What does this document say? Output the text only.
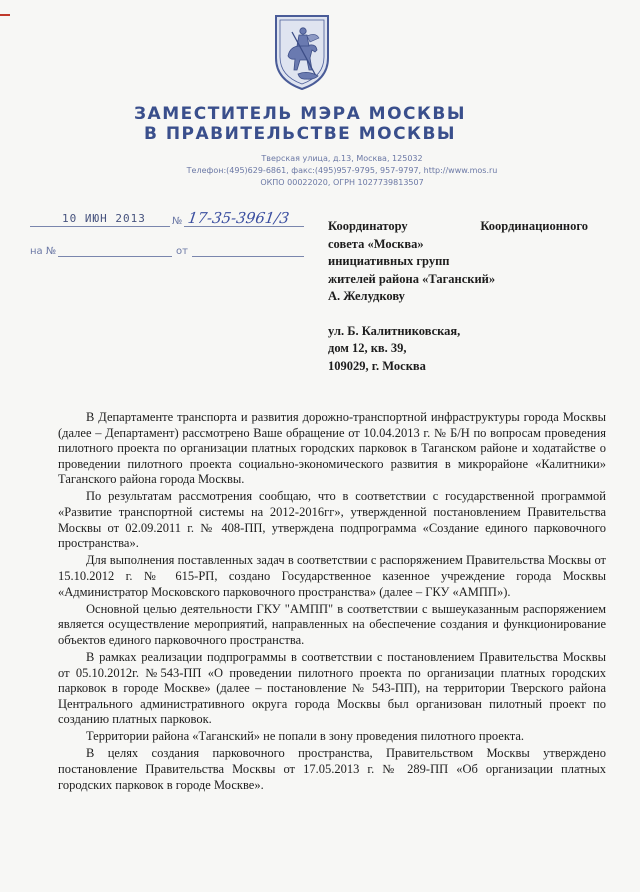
ЗАМЕСТИТЕЛЬ МЭРА МОСКВЫ
В ПРАВИТЕЛЬСТВЕ МОСКВЫ
Тверская улица, д.13, Москва, 125032
Телефон:(495)629-6861, факс:(495)957-9795, 957-9797, http://www.mos.ru
ОКПО 00022020, ОГРН 1027739813507
10 ИЮН 2013	№ 17-35-3961/3
на №	от
Координатору Координационного
совета «Москва»
инициативных групп
жителей района «Таганский»
А. Желудкову
ул. Б. Калитниковская,
дом 12, кв. 39,
109029, г. Москва

В Департаменте транспорта и развития дорожно-транспортной инфраструктуры города Москвы (далее – Департамент) рассмотрено Ваше обращение от 10.04.2013 г. № Б/Н по вопросам проведения пилотного проекта по организации платных городских парковок в Таганском районе и ходатайстве о проведении пилотного проекта социально-экономического развития в микрорайоне «Калитники» Таганского района города Москвы.

По результатам рассмотрения сообщаю, что в соответствии с государственной программой «Развитие транспортной системы на 2012-2016гг», утвержденной постановлением Правительства Москвы от 02.09.2011 г. № 408-ПП, утверждена подпрограмма «Создание единого парковочного пространства».

Для выполнения поставленных задач в соответствии с распоряжением Правительства Москвы от 15.10.2012 г. № 615-РП, создано Государственное казенное учреждение города Москвы «Администратор Московского парковочного пространства» (далее – ГКУ «АМПП»).

Основной целью деятельности ГКУ "АМПП" в соответствии с вышеуказанным распоряжением является осуществление мероприятий, направленных на обеспечение создания и функционирование объектов единого парковочного пространства.

В рамках реализации подпрограммы в соответствии с постановлением Правительства Москвы от 05.10.2012г. №543-ПП «О проведении пилотного проекта по организации платных городских парковок в городе Москве» (далее – постановление № 543-ПП), на территории Тверского района Центрального административного округа города Москвы был организован пилотный проект по созданию платных парковок.

Территории района «Таганский» не попали в зону проведения пилотного проекта.

В целях создания парковочного пространства, Правительством Москвы утверждено постановление Правительства Москвы от 17.05.2013 г. № 289-ПП «Об организации платных городских парковок в городе Москве».
